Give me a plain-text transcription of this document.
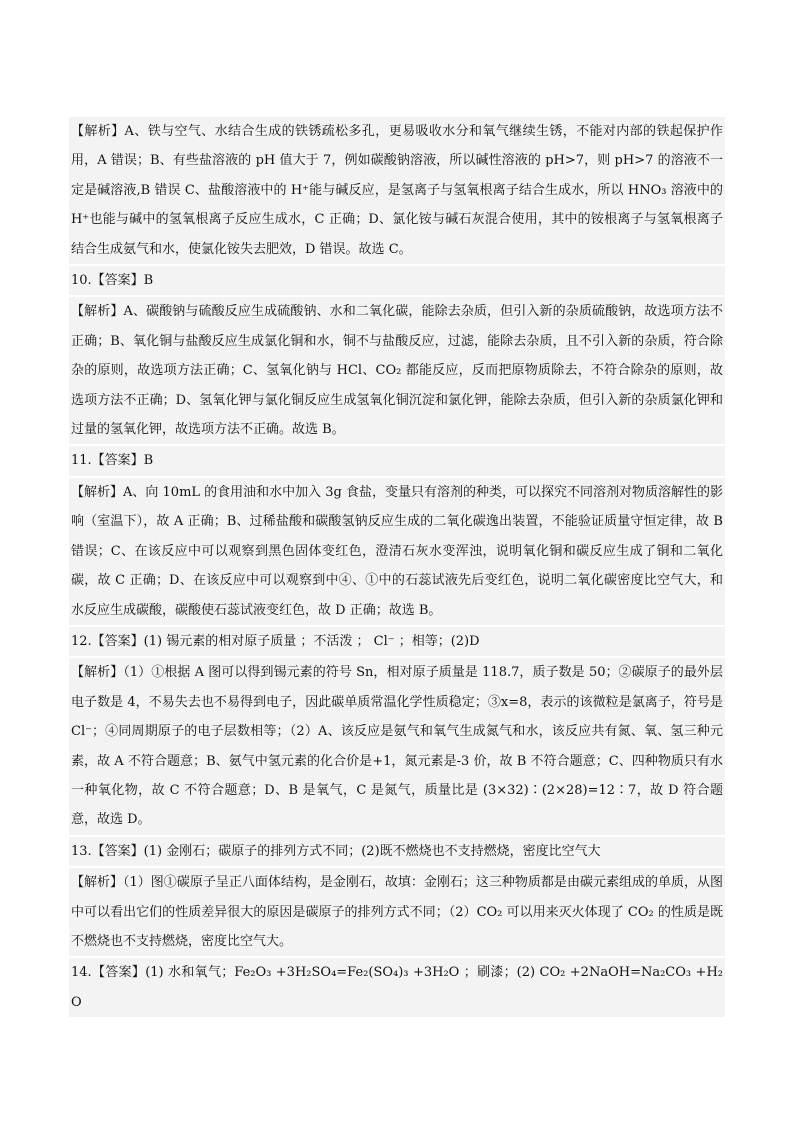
【解析】A、铁与空气、水结合生成的铁锈疏松多孔，更易吸收水分和氧气继续生锈，不能对内部的铁起保护作用，A 错误；B、有些盐溶液的 pH 值大于 7，例如碳酸钠溶液，所以碱性溶液的 pH>7，则 pH>7 的溶液不一定是碱溶液,B 错误 C、盐酸溶液中的 H⁺能与碱反应，是氢离子与氢氧根离子结合生成水，所以 HNO₃ 溶液中的 H⁺也能与碱中的氢氧根离子反应生成水，C 正确；D、氯化铵与碱石灰混合使用，其中的铵根离子与氢氧根离子结合生成氨气和水，使氯化铵失去肥效，D 错误。故选 C。
10.【答案】B
【解析】A、碳酸钠与硫酸反应生成硫酸钠、水和二氧化碳，能除去杂质，但引入新的杂质硫酸钠，故选项方法不正确；B、氧化铜与盐酸反应生成氯化铜和水，铜不与盐酸反应，过滤，能除去杂质，且不引入新的杂质，符合除杂的原则，故选项方法正确；C、氢氧化钠与 HCl、CO₂ 都能反应，反而把原物质除去，不符合除杂的原则，故选项方法不正确；D、氢氧化钾与氯化铜反应生成氢氧化铜沉淀和氯化钾，能除去杂质，但引入新的杂质氯化钾和过量的氢氧化钾，故选项方法不正确。故选 B。
11.【答案】B
【解析】A、向 10mL 的食用油和水中加入 3g 食盐，变量只有溶剂的种类，可以探究不同溶剂对物质溶解性的影响（室温下），故 A 正确；B、过稀盐酸和碳酸氢钠反应生成的二氧化碳逸出装置，不能验证质量守恒定律，故 B 错误；C、在该反应中可以观察到黑色固体变红色，澄清石灰水变浑浊，说明氧化铜和碳反应生成了铜和二氧化碳，故 C 正确；D、在该反应中可以观察到中④、①中的石蕊试液先后变红色，说明二氧化碳密度比空气大，和水反应生成碳酸，碳酸使石蕊试液变红色，故 D 正确；故选 B。
12.【答案】(1) 锡元素的相对原子质量 ；不活泼 ； Cl⁻ ；相等；(2)D
【解析】（1）①根据 A 图可以得到锡元素的符号 Sn，相对原子质量是 118.7，质子数是 50；②碳原子的最外层电子数是 4，不易失去也不易得到电子，因此碳单质常温化学性质稳定；③x=8，表示的该微粒是氯离子，符号是 Cl⁻；④同周期原子的电子层数相等；（2）A、该反应是氨气和氧气生成氮气和水，该反应共有氮、氧、氢三种元素，故 A 不符合题意；B、氨气中氢元素的化合价是+1，氮元素是-3 价，故 B 不符合题意；C、四种物质只有水一种氧化物，故 C 不符合题意；D、B 是氧气，C 是氮气，质量比是 (3×32)∶(2×28)=12∶7，故 D 符合题意，故选 D。
13.【答案】(1) 金刚石；碳原子的排列方式不同；(2)既不燃烧也不支持燃烧，密度比空气大
【解析】（1）图①碳原子呈正八面体结构，是金刚石，故填：金刚石；这三种物质都是由碳元素组成的单质，从图中可以看出它们的性质差异很大的原因是碳原子的排列方式不同；（2）CO₂ 可以用来灭火体现了 CO₂ 的性质是既不燃烧也不支持燃烧，密度比空气大。
14.【答案】(1) 水和氧气；Fe₂O₃ +3H₂SO₄=Fe₂(SO₄)₃ +3H₂O ；刷漆；(2) CO₂ +2NaOH=Na₂CO₃ +H₂O
